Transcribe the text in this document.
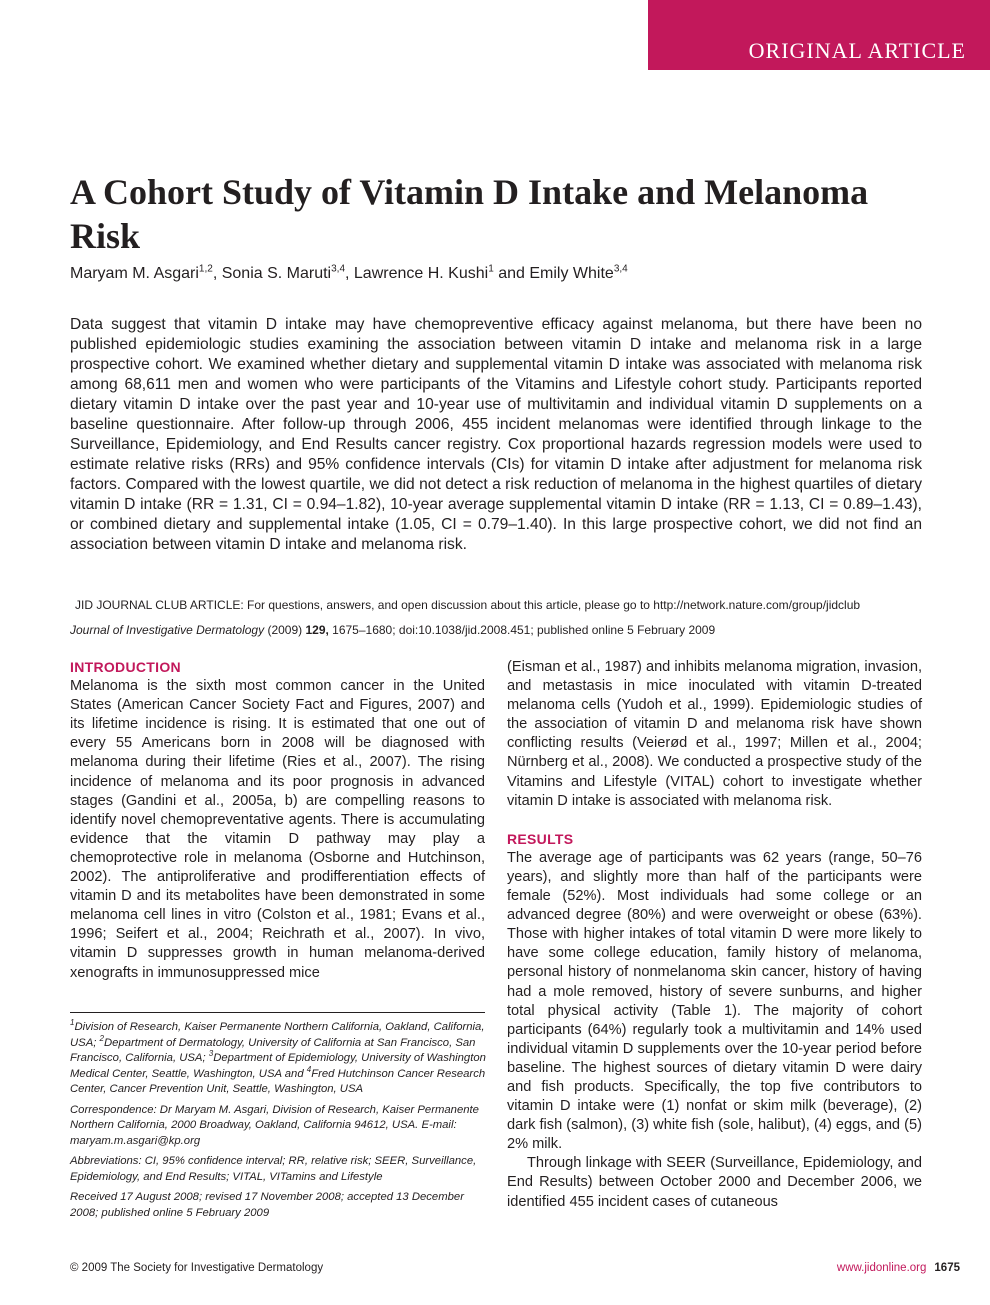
ORIGINAL ARTICLE
A Cohort Study of Vitamin D Intake and Melanoma Risk
Maryam M. Asgari$^{1,2}$, Sonia S. Maruti$^{3,4}$, Lawrence H. Kushi$^1$ and Emily White$^{3,4}$

Data suggest that vitamin D intake may have chemopreventive efficacy against melanoma, but there have been no published epidemiologic studies examining the association between vitamin D intake and melanoma risk in a large prospective cohort. We examined whether dietary and supplemental vitamin D intake was associated with melanoma risk among 68,611 men and women who were participants of the Vitamins and Lifestyle cohort study. Participants reported dietary vitamin D intake over the past year and 10-year use of multivitamin and individual vitamin D supplements on a baseline questionnaire. After follow-up through 2006, 455 incident melanomas were identified through linkage to the Surveillance, Epidemiology, and End Results cancer registry. Cox proportional hazards regression models were used to estimate relative risks (RRs) and 95% confidence intervals (CIs) for vitamin D intake after adjustment for melanoma risk factors. Compared with the lowest quartile, we did not detect a risk reduction of melanoma in the highest quartiles of dietary vitamin D intake (RR = 1.31, CI = 0.94–1.82), 10-year average supplemental vitamin D intake (RR = 1.13, CI = 0.89–1.43), or combined dietary and supplemental intake (1.05, CI = 0.79–1.40). In this large prospective cohort, we did not find an association between vitamin D intake and melanoma risk.

JID JOURNAL CLUB ARTICLE: For questions, answers, and open discussion about this article, please go to http://network.nature.com/group/jidclub

Journal of Investigative Dermatology (2009) 129, 1675–1680; doi:10.1038/jid.2008.451; published online 5 February 2009

INTRODUCTION

Melanoma is the sixth most common cancer in the United States (American Cancer Society Fact and Figures, 2007) and its lifetime incidence is rising. It is estimated that one out of every 55 Americans born in 2008 will be diagnosed with melanoma during their lifetime (Ries et al., 2007). The rising incidence of melanoma and its poor prognosis in advanced stages (Gandini et al., 2005a, b) are compelling reasons to identify novel chemopreventative agents. There is accumulating evidence that the vitamin D pathway may play a chemoprotective role in melanoma (Osborne and Hutchinson, 2002). The antiproliferative and prodifferentiation effects of vitamin D and its metabolites have been demonstrated in some melanoma cell lines in vitro (Colston et al., 1981; Evans et al., 1996; Seifert et al., 2004; Reichrath et al., 2007). In vivo, vitamin D suppresses growth in human melanoma-derived xenografts in immunosuppressed mice

(Eisman et al., 1987) and inhibits melanoma migration, invasion, and metastasis in mice inoculated with vitamin D-treated melanoma cells (Yudoh et al., 1999). Epidemiologic studies of the association of vitamin D and melanoma risk have shown conflicting results (Veierød et al., 1997; Millen et al., 2004; Nürnberg et al., 2008). We conducted a prospective study of the Vitamins and Lifestyle (VITAL) cohort to investigate whether vitamin D intake is associated with melanoma risk.

RESULTS

The average age of participants was 62 years (range, 50–76 years), and slightly more than half of the participants were female (52%). Most individuals had some college or an advanced degree (80%) and were overweight or obese (63%). Those with higher intakes of total vitamin D were more likely to have some college education, family history of melanoma, personal history of nonmelanoma skin cancer, history of having had a mole removed, history of severe sunburns, and higher total physical activity (Table 1). The majority of cohort participants (64%) regularly took a multivitamin and 14% used individual vitamin D supplements over the 10-year period before baseline. The highest sources of dietary vitamin D were dairy and fish products. Specifically, the top five contributors to vitamin D intake were (1) nonfat or skim milk (beverage), (2) dark fish (salmon), (3) white fish (sole, halibut), (4) eggs, and (5) 2% milk.

Through linkage with SEER (Surveillance, Epidemiology, and End Results) between October 2000 and December 2006, we identified 455 incident cases of cutaneous

$^1$Division of Research, Kaiser Permanente Northern California, Oakland, California, USA; $^2$Department of Dermatology, University of California at San Francisco, San Francisco, California, USA; $^3$Department of Epidemiology, University of Washington Medical Center, Seattle, Washington, USA and $^4$Fred Hutchinson Cancer Research Center, Cancer Prevention Unit, Seattle, Washington, USA

Correspondence: Dr Maryam M. Asgari, Division of Research, Kaiser Permanente Northern California, 2000 Broadway, Oakland, California 94612, USA. E-mail: maryam.m.asgari@kp.org

Abbreviations: CI, 95% confidence interval; RR, relative risk; SEER, Surveillance, Epidemiology, and End Results; VITAL, VITamins and Lifestyle

Received 17 August 2008; revised 17 November 2008; accepted 13 December 2008; published online 5 February 2009

© 2009 The Society for Investigative Dermatology	www.jidonline.org 1675
